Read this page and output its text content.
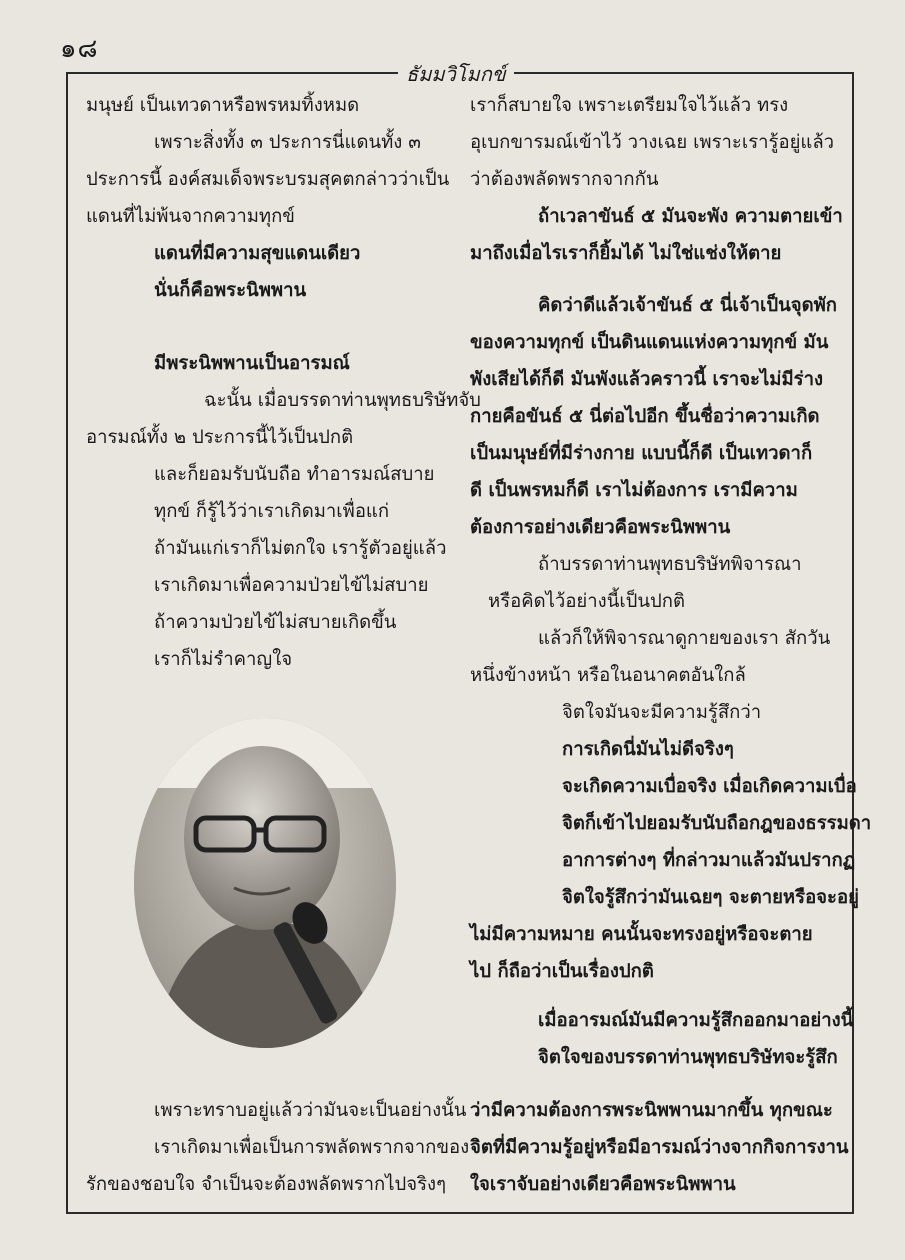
๑๘
ธัมมวิโมกข์
มนุษย์ เป็นเทวดาหรือพรหมทิ้งหมด
เพราะสิ่งทั้ง ๓ ประการนี่แดนทั้ง ๓
ประการนี้ องค์สมเด็จพระบรมสุคตกล่าวว่าเป็น
แดนที่ไม่พ้นจากความทุกข์
แดนที่มีความสุขแดนเดียว
นั่นก็คือพระนิพพาน
มีพระนิพพานเป็นอารมณ์
ฉะนั้น เมื่อบรรดาท่านพุทธบริษัทจับ
อารมณ์ทั้ง ๒ ประการนี้ไว้เป็นปกติ
และก็ยอมรับนับถือ ทำอารมณ์สบาย
ทุกข์ ก็รู้ไว้ว่าเราเกิดมาเพื่อแก่
ถ้ามันแก่เราก็ไม่ตกใจ เรารู้ตัวอยู่แล้ว
เราเกิดมาเพื่อความป่วยไข้ไม่สบาย
ถ้าความป่วยไข้ไม่สบายเกิดขึ้น
เราก็ไม่รำคาญใจ
เพราะทราบอยู่แล้วว่ามันจะเป็นอย่างนั้น
เราเกิดมาเพื่อเป็นการพลัดพรากจากของ
รักของชอบใจ จำเป็นจะต้องพลัดพรากไปจริงๆ
เราก็สบายใจ เพราะเตรียมใจไว้แล้ว ทรง
อุเบกขารมณ์เข้าไว้ วางเฉย เพราะเรารู้อยู่แล้ว
ว่าต้องพลัดพรากจากกัน
ถ้าเวลาขันธ์ ๕ มันจะพัง ความตายเข้า
มาถึงเมื่อไรเราก็ยิ้มได้ ไม่ใช่แช่งให้ตาย
คิดว่าดีแล้วเจ้าขันธ์ ๕ นี่เจ้าเป็นจุดพัก
ของความทุกข์ เป็นดินแดนแห่งความทุกข์ มัน
พังเสียได้ก็ดี มันพังแล้วคราวนี้ เราจะไม่มีร่าง
กายคือขันธ์ ๕ นี่ต่อไปอีก ขึ้นชื่อว่าความเกิด
เป็นมนุษย์ที่มีร่างกาย แบบนี้ก็ดี เป็นเทวดาก็
ดี เป็นพรหมก็ดี เราไม่ต้องการ เรามีความ
ต้องการอย่างเดียวคือพระนิพพาน
ถ้าบรรดาท่านพุทธบริษัทพิจารณา
หรือคิดไว้อย่างนี้เป็นปกติ
แล้วก็ให้พิจารณาดูกายของเรา สักวัน
หนึ่งข้างหน้า หรือในอนาคตอันใกล้
จิตใจมันจะมีความรู้สึกว่า
การเกิดนี่มันไม่ดีจริงๆ
จะเกิดความเบื่อจริง เมื่อเกิดความเบื่อ
จิตก็เข้าไปยอมรับนับถือกฎของธรรมดา
อาการต่างๆ ที่กล่าวมาแล้วมันปรากฏ
จิตใจรู้สึกว่ามันเฉยๆ จะตายหรือจะอยู่
ไม่มีความหมาย คนนั้นจะทรงอยู่หรือจะตาย
ไป ก็ถือว่าเป็นเรื่องปกติ
เมื่ออารมณ์มันมีความรู้สึกออกมาอย่างนี้
จิตใจของบรรดาท่านพุทธบริษัทจะรู้สึก
ว่ามีความต้องการพระนิพพานมากขึ้น ทุกขณะ
จิตที่มีความรู้อยู่หรือมีอารมณ์ว่างจากกิจการงาน
ใจเราจับอย่างเดียวคือพระนิพพาน
